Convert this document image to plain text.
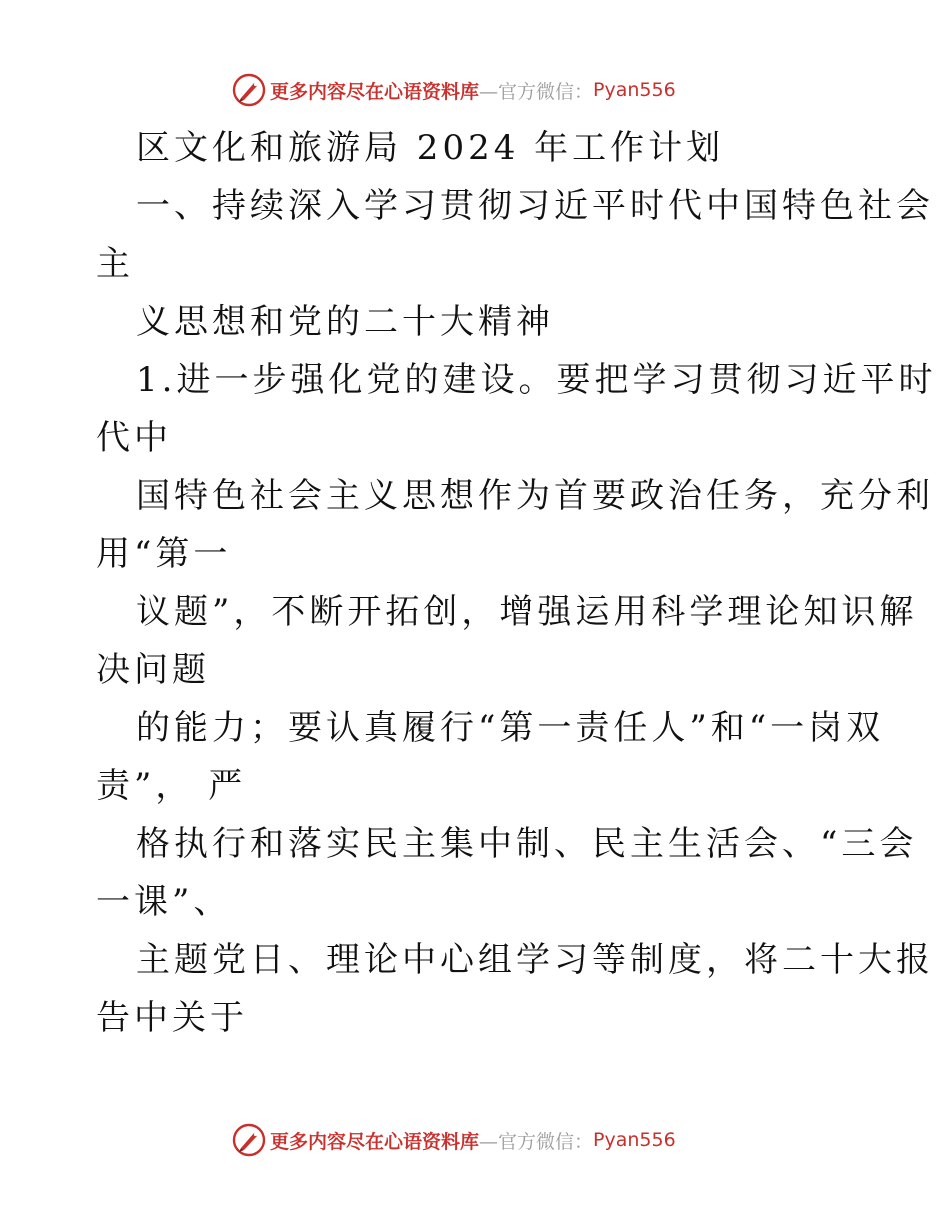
更多内容尽在心语资料库 —官方微信： Pyan556
区文化和旅游局 2024 年工作计划
一、持续深入学习贯彻习近平时代中国特色社会
主
义思想和党的二十大精神
1.进一步强化党的建设。要把学习贯彻习近平时
代中
国特色社会主义思想作为首要政治任务，充分利
用“第一
议题”，不断开拓创，增强运用科学理论知识解
决问题
的能力；要认真履行“第一责任人”和“一岗双
责”， 严
格执行和落实民主集中制、民主生活会、“三会
一课”、
主题党日、理论中心组学习等制度，将二十大报
告中关于
更多内容尽在心语资料库 —官方微信： Pyan556
